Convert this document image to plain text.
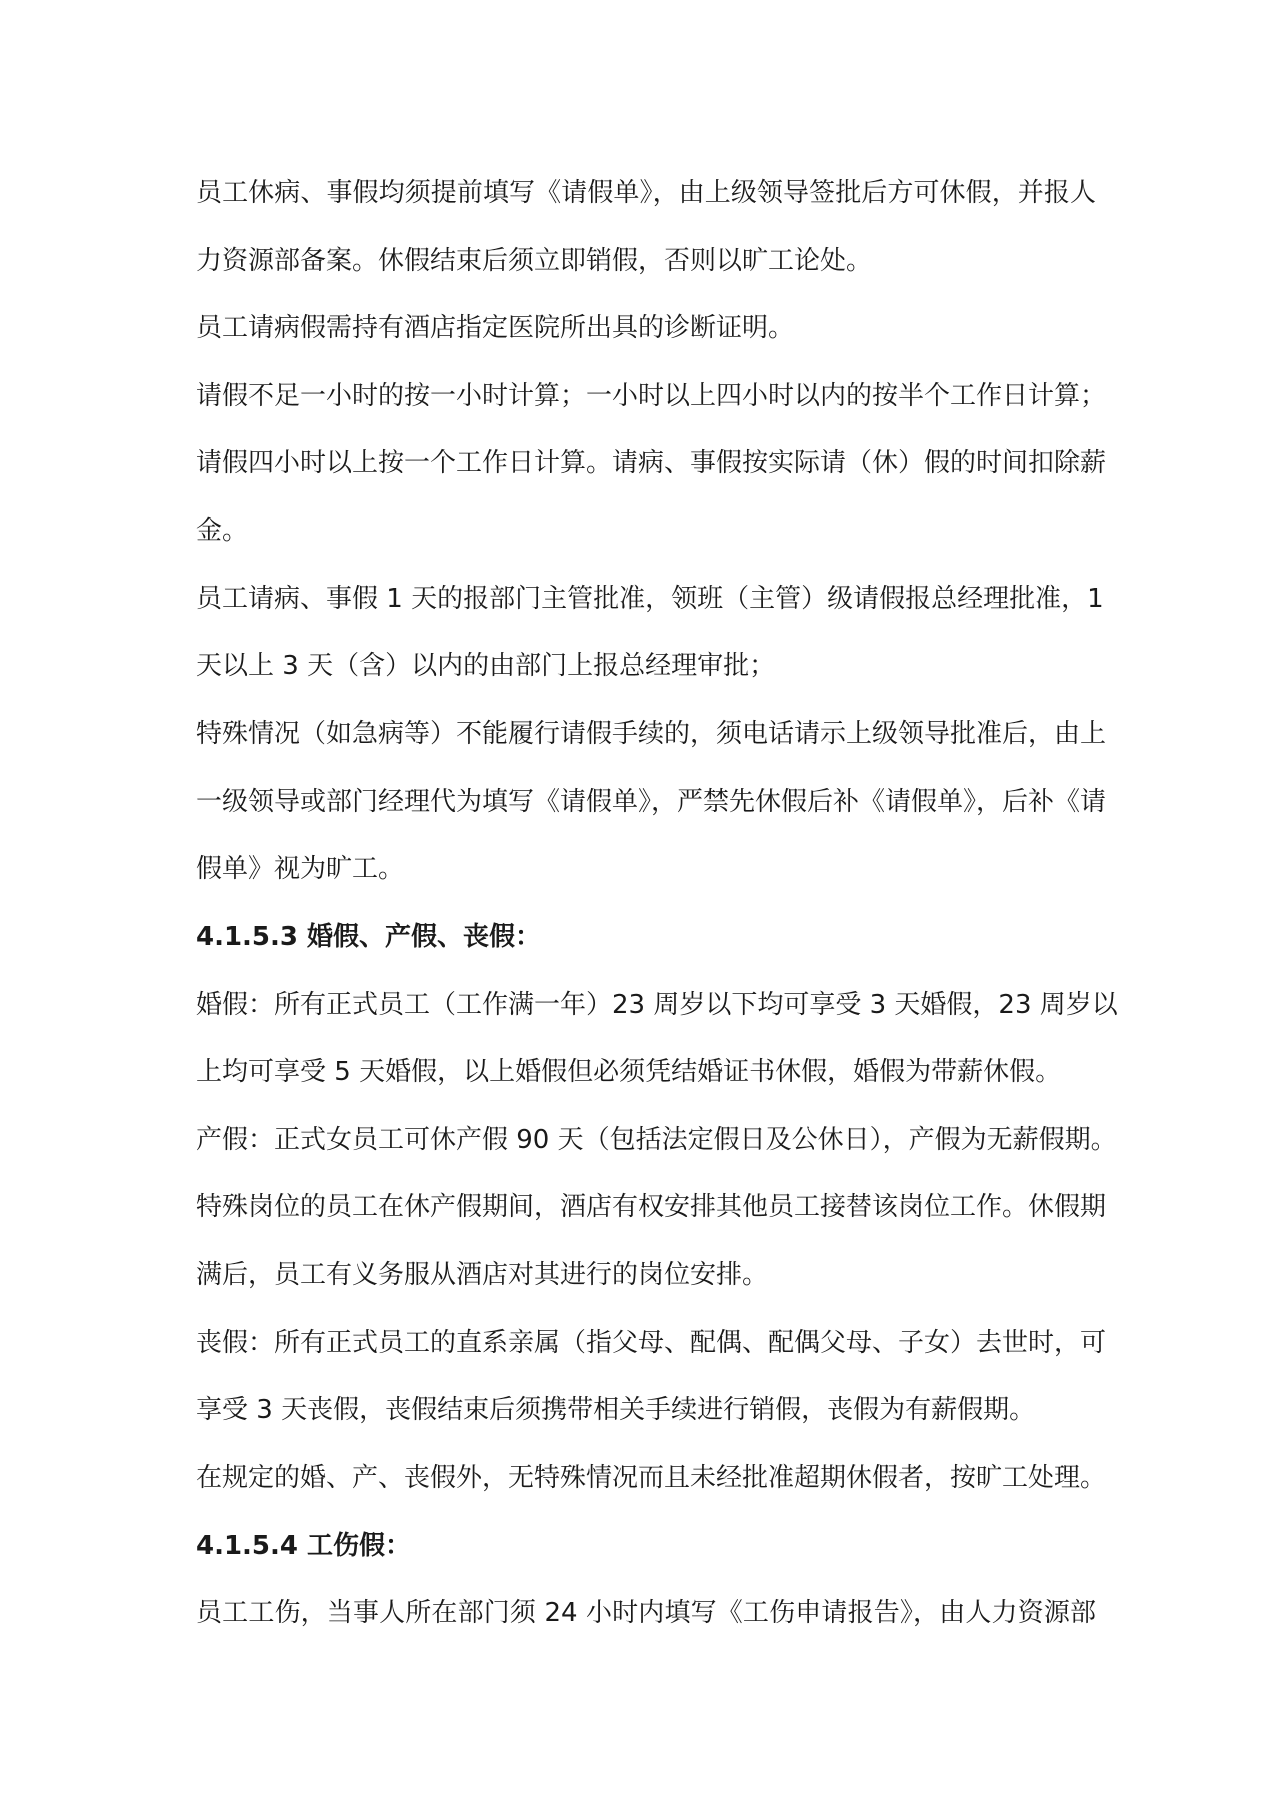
员工休病、事假均须提前填写《请假单》，由上级领导签批后方可休假，并报人
力资源部备案。休假结束后须立即销假，否则以旷工论处。
员工请病假需持有酒店指定医院所出具的诊断证明。
请假不足一小时的按一小时计算；一小时以上四小时以内的按半个工作日计算；
请假四小时以上按一个工作日计算。请病、事假按实际请（休）假的时间扣除薪
金。
员工请病、事假 1 天的报部门主管批准，领班（主管）级请假报总经理批准，1
天以上 3 天（含）以内的由部门上报总经理审批；
特殊情况（如急病等）不能履行请假手续的，须电话请示上级领导批准后，由上
一级领导或部门经理代为填写《请假单》，严禁先休假后补《请假单》，后补《请
假单》视为旷工。
4.1.5.3 婚假、产假、丧假：
婚假：所有正式员工（工作满一年）23 周岁以下均可享受 3 天婚假，23 周岁以
上均可享受 5 天婚假，以上婚假但必须凭结婚证书休假，婚假为带薪休假。
产假：正式女员工可休产假 90 天（包括法定假日及公休日），产假为无薪假期。
特殊岗位的员工在休产假期间，酒店有权安排其他员工接替该岗位工作。休假期
满后，员工有义务服从酒店对其进行的岗位安排。
丧假：所有正式员工的直系亲属（指父母、配偶、配偶父母、子女）去世时，可
享受 3 天丧假，丧假结束后须携带相关手续进行销假，丧假为有薪假期。
在规定的婚、产、丧假外，无特殊情况而且未经批准超期休假者，按旷工处理。
4.1.5.4 工伤假：
员工工伤，当事人所在部门须 24 小时内填写《工伤申请报告》，由人力资源部
